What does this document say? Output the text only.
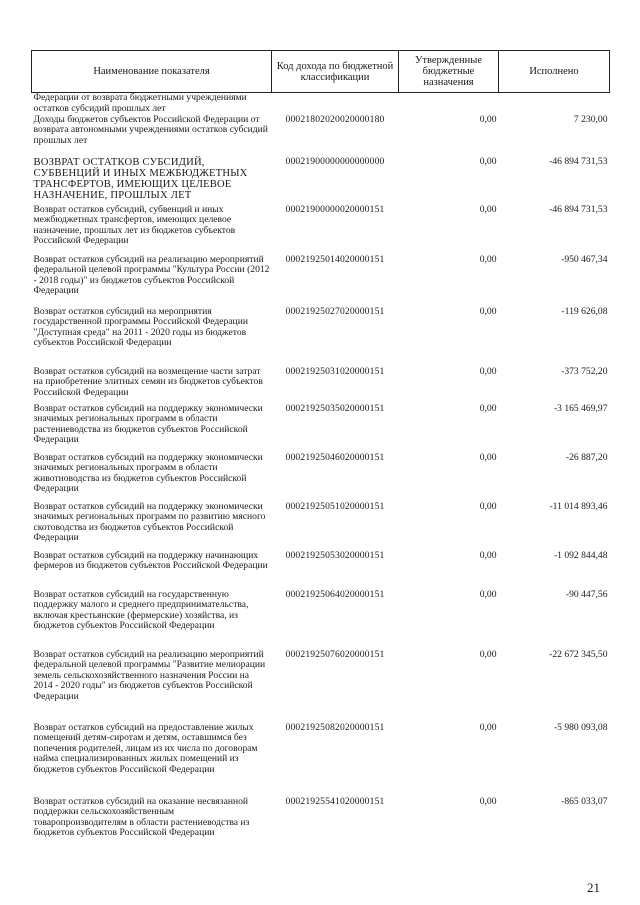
Наименование показателя	Код дохода по бюджетной классификации	Утвержденные бюджетные назначения	Исполнено
Федерации от возврата бюджетными учреждениями остатков субсидий прошлых лет			
Доходы бюджетов субъектов Российской Федерации от возврата автономными учреждениями остатков субсидий прошлых лет	00021802020020000180	0,00	7 230,00
ВОЗВРАТ ОСТАТКОВ СУБСИДИЙ, СУБВЕНЦИЙ И ИНЫХ МЕЖБЮДЖЕТНЫХ ТРАНСФЕРТОВ, ИМЕЮЩИХ ЦЕЛЕВОЕ НАЗНАЧЕНИЕ, ПРОШЛЫХ ЛЕТ	00021900000000000000	0,00	-46 894 731,53
Возврат остатков субсидий, субвенций и иных межбюджетных трансфертов, имеющих целевое назначение, прошлых лет из бюджетов субъектов Российской Федерации	00021900000020000151	0,00	-46 894 731,53
Возврат остатков субсидий на реализацию мероприятий федеральной целевой программы "Культура России (2012 - 2018 годы)" из бюджетов субъектов Российской Федерации	00021925014020000151	0,00	-950 467,34
Возврат остатков субсидий на мероприятия государственной программы Российской Федерации "Доступная среда" на 2011 - 2020 годы из бюджетов субъектов Российской Федерации	00021925027020000151	0,00	-119 626,08
Возврат остатков субсидий на возмещение части затрат на приобретение элитных семян из бюджетов субъектов Российской Федерации	00021925031020000151	0,00	-373 752,20
Возврат остатков субсидий на поддержку экономически значимых региональных программ в области растениеводства из бюджетов субъектов Российской Федерации	00021925035020000151	0,00	-3 165 469,97
Возврат остатков субсидий на поддержку экономически значимых региональных программ в области животноводства из бюджетов субъектов Российской Федерации	00021925046020000151	0,00	-26 887,20
Возврат остатков субсидий на поддержку экономически значимых региональных программ по развитию мясного скотоводства из бюджетов субъектов Российской Федерации	00021925051020000151	0,00	-11 014 893,46
Возврат остатков субсидий на поддержку начинающих фермеров из бюджетов субъектов Российской Федерации	00021925053020000151	0,00	-1 092 844,48
Возврат остатков субсидий на государственную поддержку малого и среднего предпринимательства, включая крестьянские (фермерские) хозяйства, из бюджетов субъектов Российской Федерации	00021925064020000151	0,00	-90 447,56
Возврат остатков субсидий на реализацию мероприятий федеральной целевой программы "Развитие мелиорации земель сельскохозяйственного назначения России на 2014 - 2020 годы" из бюджетов субъектов Российской Федерации	00021925076020000151	0,00	-22 672 345,50
Возврат остатков субсидий на предоставление жилых помещений детям-сиротам и детям, оставшимся без попечения родителей, лицам из их числа по договорам найма специализированных жилых помещений из бюджетов субъектов Российской Федерации	00021925082020000151	0,00	-5 980 093,08
Возврат остатков субсидий на оказание несвязанной поддержки сельскохозяйственным товаропроизводителям в области растениеводства из бюджетов субъектов Российской Федерации	00021925541020000151	0,00	-865 033,07
21
